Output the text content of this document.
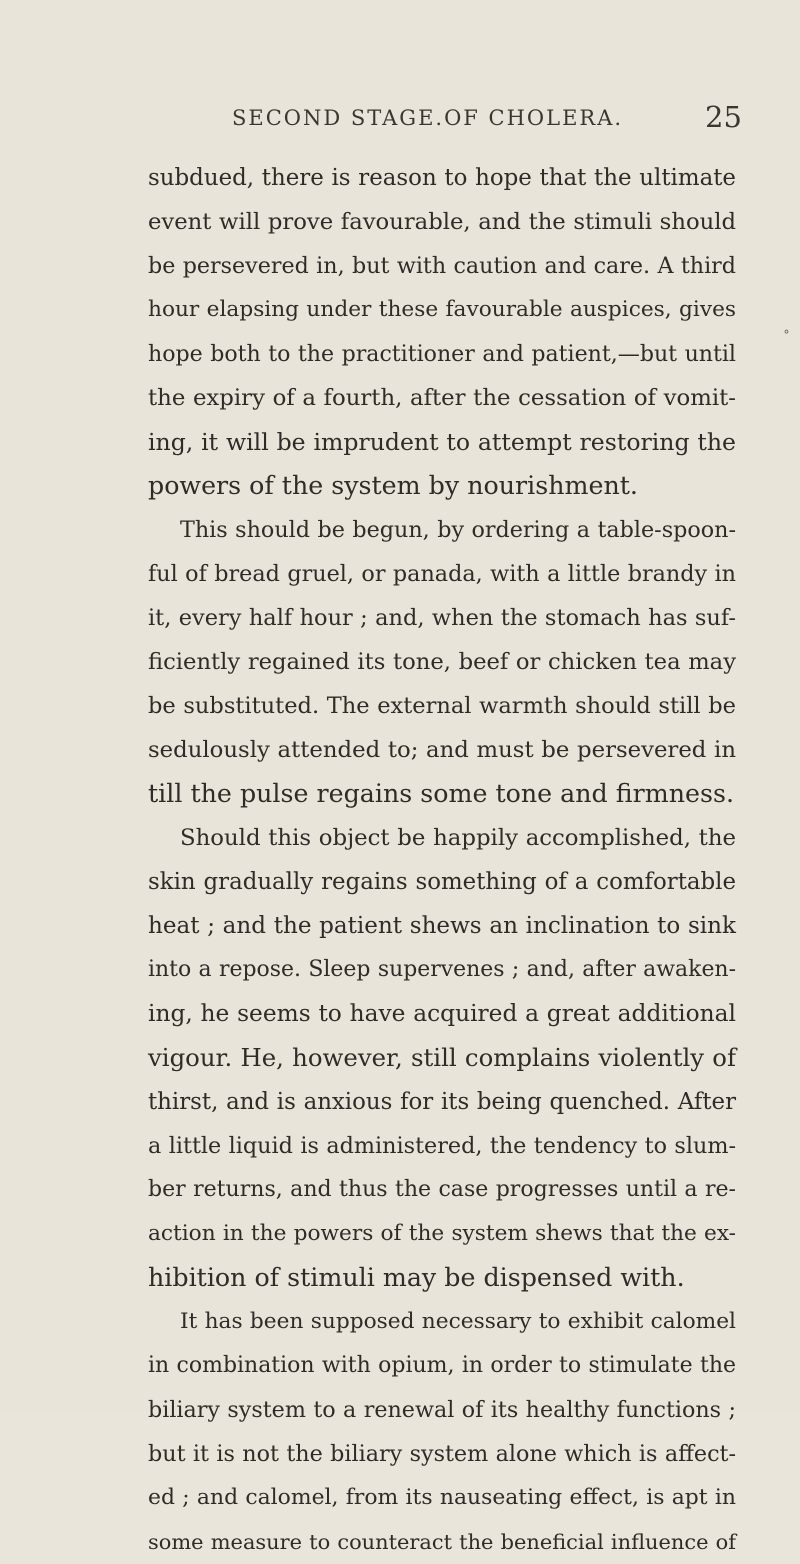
SECOND STAGE.OF CHOLERA.	25
˚
subdued, there is reason to hope that the ultimate
event will prove favourable, and the stimuli should
be persevered in, but with caution and care. A third
hour elapsing under these favourable auspices, gives
hope both to the practitioner and patient,—but until
the expiry of a fourth, after the cessation of vomit-
ing, it will be imprudent to attempt restoring the
powers of the system by nourishment.
This should be begun, by ordering a table-spoon-
ful of bread gruel, or panada, with a little brandy in
it, every half hour ; and, when the stomach has suf-
ficiently regained its tone, beef or chicken tea may
be substituted. The external warmth should still be
sedulously attended to; and must be persevered in
till the pulse regains some tone and firmness.
Should this object be happily accomplished, the
skin gradually regains something of a comfortable
heat ; and the patient shews an inclination to sink
into a repose. Sleep supervenes ; and, after awaken-
ing, he seems to have acquired a great additional
vigour. He, however, still complains violently of
thirst, and is anxious for its being quenched. After
a little liquid is administered, the tendency to slum-
ber returns, and thus the case progresses until a re-
action in the powers of the system shews that the ex-
hibition of stimuli may be dispensed with.
It has been supposed necessary to exhibit calomel
in combination with opium, in order to stimulate the
biliary system to a renewal of its healthy functions ;
but it is not the biliary system alone which is affect-
ed ; and calomel, from its nauseating effect, is apt in
some measure to counteract the beneficial influence of
